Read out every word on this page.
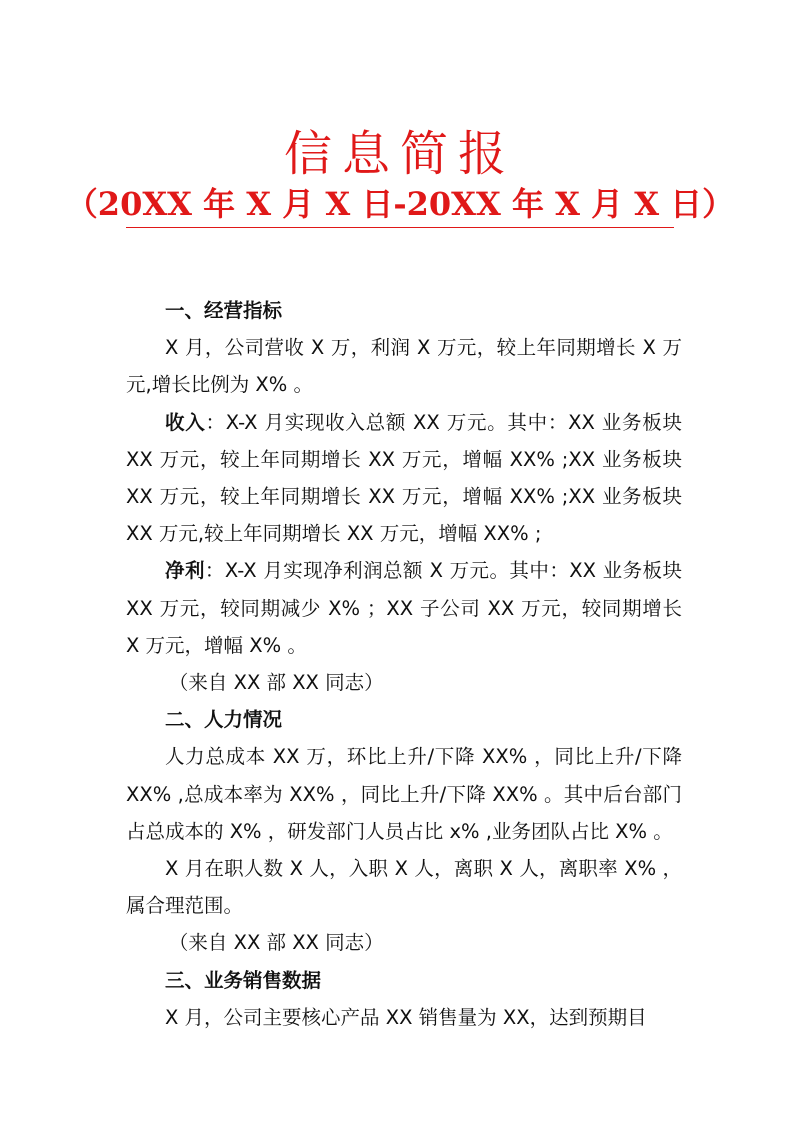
信息简报
（20XX 年 X 月 X 日-20XX 年 X 月 X 日）

一、经营指标

X 月，公司营收 X 万，利润 X 万元，较上年同期增长 X 万元,增长比例为 X% 。

收入：X-X 月实现收入总额 XX 万元。其中：XX 业务板块 XX 万元，较上年同期增长 XX 万元，增幅 XX% ;XX 业务板块 XX 万元，较上年同期增长 XX 万元，增幅 XX% ;XX 业务板块 XX 万元,较上年同期增长 XX 万元，增幅 XX% ;

净利：X-X 月实现净利润总额 X 万元。其中：XX 业务板块 XX 万元，较同期减少 X% ；XX 子公司 XX 万元，较同期增长 X 万元，增幅 X% 。

（来自 XX 部 XX 同志）

二、人力情况

人力总成本 XX 万，环比上升/下降 XX% ，同比上升/下降 XX% ,总成本率为 XX% ，同比上升/下降 XX% 。其中后台部门占总成本的 X% ，研发部门人员占比 x% ,业务团队占比 X% 。

X 月在职人数 X 人，入职 X 人，离职 X 人，离职率 X% ，属合理范围。

（来自 XX 部 XX 同志）

三、业务销售数据

X 月，公司主要核心产品 XX 销售量为 XX，达到预期目
